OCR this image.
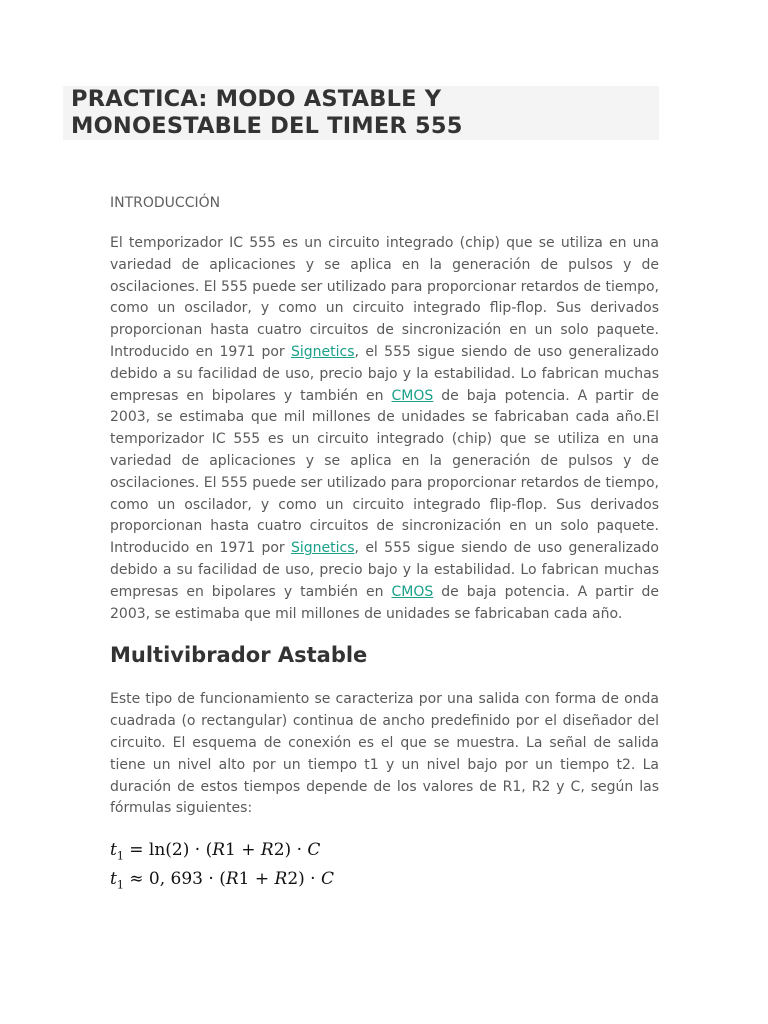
PRACTICA: MODO ASTABLE Y
MONOESTABLE DEL TIMER 555
INTRODUCCIÓN

El temporizador IC 555 es un circuito integrado (chip) que se utiliza en una variedad de aplicaciones y se aplica en la generación de pulsos y de oscilaciones. El 555 puede ser utilizado para proporcionar retardos de tiempo, como un oscilador, y como un circuito integrado flip-flop. Sus derivados proporcionan hasta cuatro circuitos de sincronización en un solo paquete. Introducido en 1971 por Signetics, el 555 sigue siendo de uso generalizado debido a su facilidad de uso, precio bajo y la estabilidad. Lo fabrican muchas empresas en bipolares y también en CMOS de baja potencia. A partir de 2003, se estimaba que mil millones de unidades se fabricaban cada año.El temporizador IC 555 es un circuito integrado (chip) que se utiliza en una variedad de aplicaciones y se aplica en la generación de pulsos y de oscilaciones. El 555 puede ser utilizado para proporcionar retardos de tiempo, como un oscilador, y como un circuito integrado flip-flop. Sus derivados proporcionan hasta cuatro circuitos de sincronización en un solo paquete. Introducido en 1971 por Signetics, el 555 sigue siendo de uso generalizado debido a su facilidad de uso, precio bajo y la estabilidad. Lo fabrican muchas empresas en bipolares y también en CMOS de baja potencia. A partir de 2003, se estimaba que mil millones de unidades se fabricaban cada año.

Multivibrador Astable

Este tipo de funcionamiento se caracteriza por una salida con forma de onda cuadrada (o rectangular) continua de ancho predefinido por el diseñador del circuito. El esquema de conexión es el que se muestra. La señal de salida tiene un nivel alto por un tiempo t1 y un nivel bajo por un tiempo t2. La duración de estos tiempos depende de los valores de R1, R2 y C, según las fórmulas siguientes:

$t_1 = \ln(2) \cdot (R1 + R2) \cdot C$
$t_1 \approx 0$, 693 · (R1 + R2) · C
